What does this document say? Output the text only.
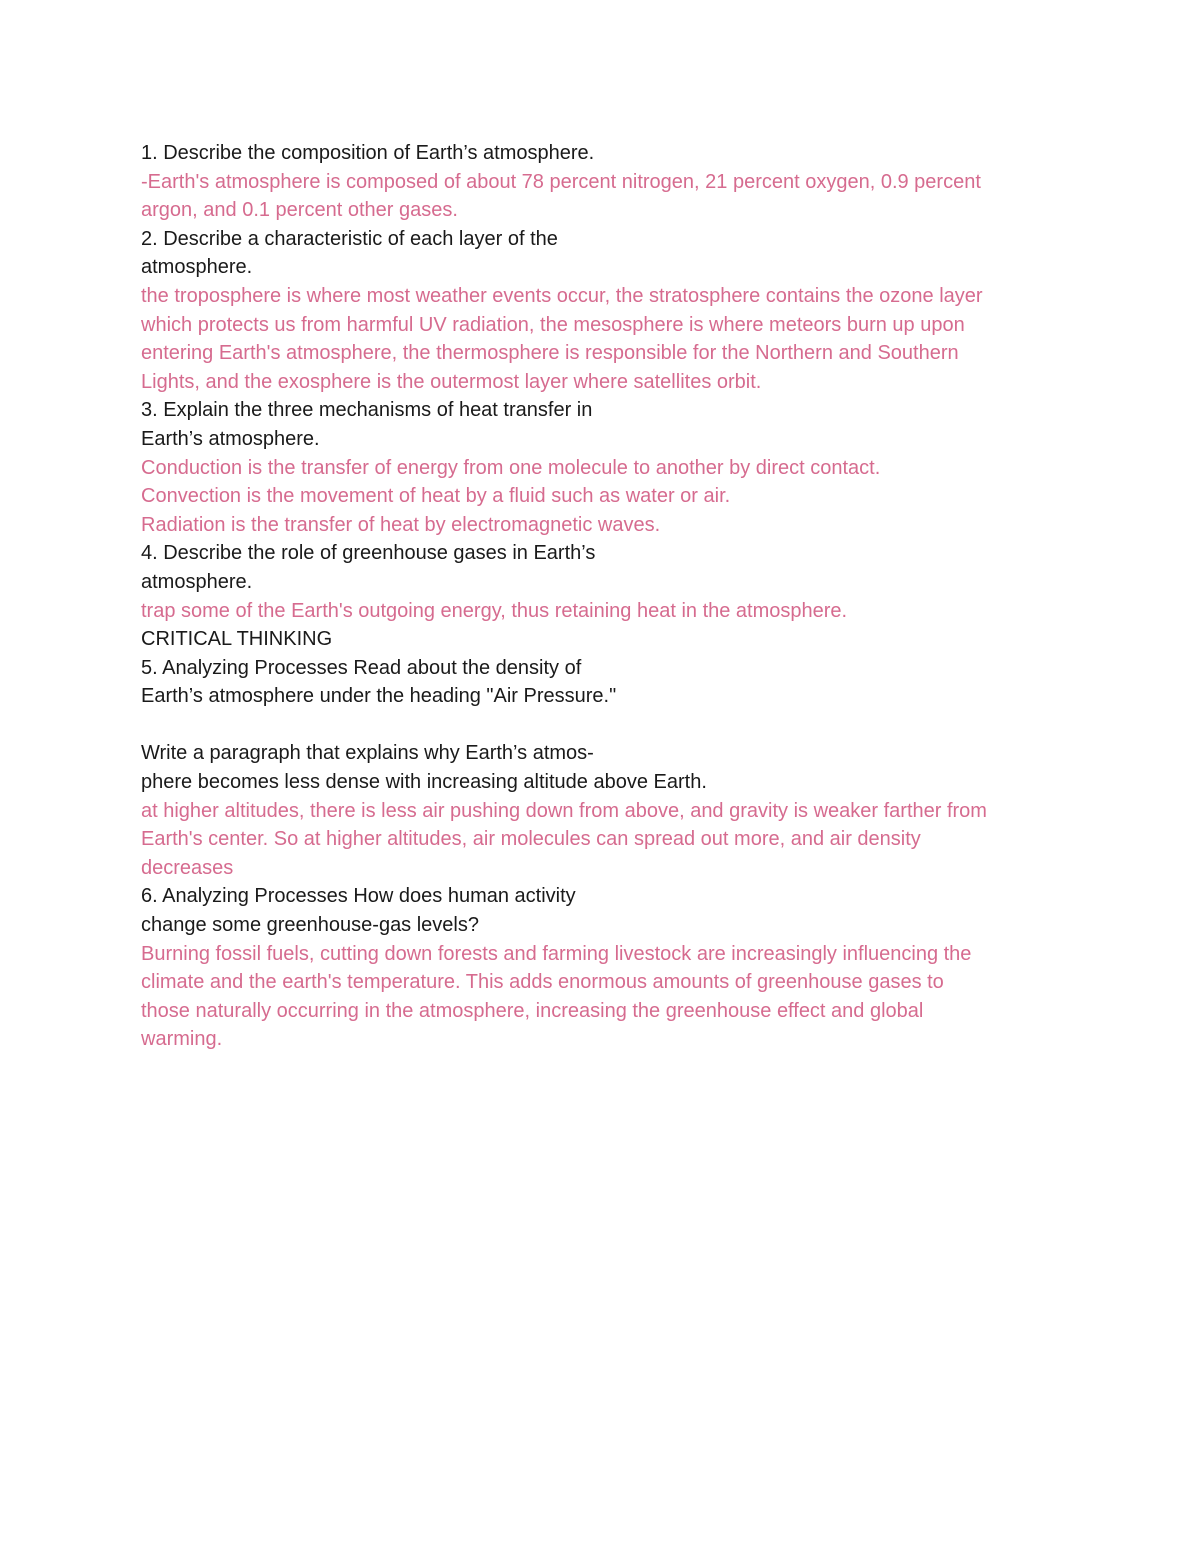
1. Describe the composition of Earth’s atmosphere.
-Earth's atmosphere is composed of about 78 percent nitrogen, 21 percent oxygen, 0.9 percent
argon, and 0.1 percent other gases.
2. Describe a characteristic of each layer of the
atmosphere.
the troposphere is where most weather events occur, the stratosphere contains the ozone layer
which protects us from harmful UV radiation, the mesosphere is where meteors burn up upon
entering Earth's atmosphere, the thermosphere is responsible for the Northern and Southern
Lights, and the exosphere is the outermost layer where satellites orbit.
3. Explain the three mechanisms of heat transfer in
Earth’s atmosphere.
Conduction is the transfer of energy from one molecule to another by direct contact.
Convection is the movement of heat by a fluid such as water or air.
Radiation is the transfer of heat by electromagnetic waves.
4. Describe the role of greenhouse gases in Earth’s
atmosphere.
trap some of the Earth's outgoing energy, thus retaining heat in the atmosphere.
CRITICAL THINKING
5. Analyzing Processes Read about the density of
Earth’s atmosphere under the heading "Air Pressure."
Write a paragraph that explains why Earth’s atmos-
phere becomes less dense with increasing altitude above Earth.
at higher altitudes, there is less air pushing down from above, and gravity is weaker farther from
Earth's center. So at higher altitudes, air molecules can spread out more, and air density
decreases
6. Analyzing Processes How does human activity
change some greenhouse-gas levels?
Burning fossil fuels, cutting down forests and farming livestock are increasingly influencing the
climate and the earth's temperature. This adds enormous amounts of greenhouse gases to
those naturally occurring in the atmosphere, increasing the greenhouse effect and global
warming.
